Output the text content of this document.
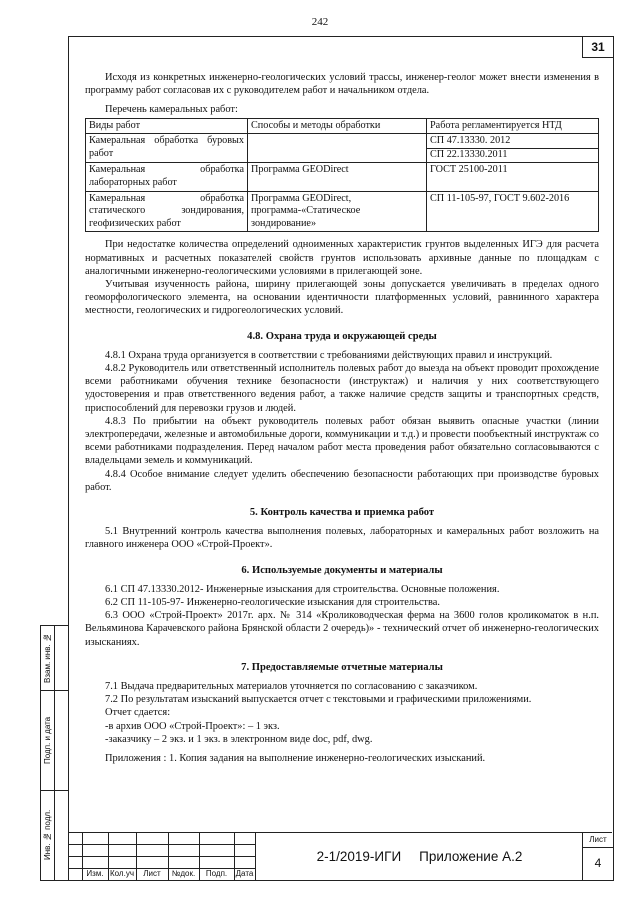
242
31

Исходя из конкретных инженерно-геологических условий трассы, инженер-геолог может внести изменения в программу работ согласовав их с руководителем работ и начальником отдела.

Перечень камеральных работ:

Виды работ	Способы и методы обработки	Работа регламентируется НТД

Камеральная обработка буровых работ		СП 47.13330. 2012
СП 22.13330.2011

Камеральная обработка лабораторных работ	Программа GEODirect	ГОСТ 25100-2011

Камеральная обработка статического зондирования, геофизических работ	Программа GEODirect, программа-«Статическое зондирование»	СП 11-105-97, ГОСТ 9.602-2016

При недостатке количества определений одноименных характеристик грунтов выделенных ИГЭ для расчета нормативных и расчетных показателей свойств грунтов использовать архивные данные по площадкам с аналогичными инженерно-геологическими условиями в прилегающей зоне.

Учитывая изученность района, ширину прилегающей зоны допускается увеличивать в пределах одного геоморфологического элемента, на основании идентичности платформенных условий, равнинного характера местности, геологических и гидрогеологических условий.

4.8. Охрана труда и окружающей среды

4.8.1 Охрана труда организуется в соответствии с требованиями действующих правил и инструкций.

4.8.2 Руководитель или ответственный исполнитель полевых работ до выезда на объект проводит прохождение всеми работниками обучения технике безопасности (инструктаж) и наличия у них соответствующего удостоверения и прав ответственного ведения работ, а также наличие средств защиты и транспортных средств, приспособлений для перевозки грузов и людей.

4.8.3 По прибытии на объект руководитель полевых работ обязан выявить опасные участки (линии электропередачи, железные и автомобильные дороги, коммуникации и т.д.) и провести пообъектный инструктаж со всеми работниками подразделения. Перед началом работ места проведения работ обязательно согласовываются с владельцами земель и коммуникаций.

4.8.4 Особое внимание следует уделить обеспечению безопасности работающих при производстве буровых работ.

5. Контроль качества и приемка работ

5.1 Внутренний контроль качества выполнения полевых, лабораторных и камеральных работ возложить на главного инженера ООО «Строй-Проект».

6. Используемые документы и материалы

6.1 СП 47.13330.2012- Инженерные изыскания для строительства. Основные положения.

6.2 СП 11-105-97- Инженерно-геологические изыскания для строительства.

6.3 ООО «Строй-Проект» 2017г. арх. № 314 «Кролиководческая ферма на 3600 голов кроликоматок в н.п. Вельяминова Карачевского района Брянской области 2 очередь)» - технический отчет об инженерно-геологических изысканиях.

7. Предоставляемые отчетные материалы

7.1 Выдача предварительных материалов уточняется по согласованию с заказчиком.

7.2 По результатам изысканий выпускается отчет с текстовыми и графическими приложениями.

Отчет сдается:

-в архив ООО «Строй-Проект»: – 1 экз.

-заказчику – 2 экз. и 1 экз. в электронном виде doc, pdf, dwg.

Приложения : 1. Копия задания на выполнение инженерно-геологических изысканий.

Взам. инв. №
Подп. и дата
Инв. № подл.
Изм. Кол.уч	Лист	№док.	Подп.	Дата
2-1/2019-ИГИ Приложение А.2
Лист
4
